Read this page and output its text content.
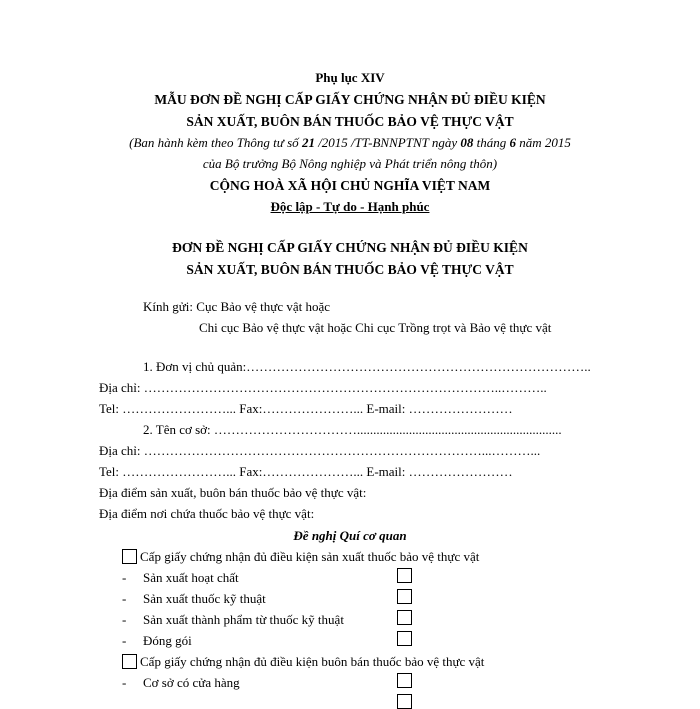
Phụ lục XIV
MẪU ĐƠN ĐỀ NGHỊ CẤP GIẤY CHỨNG NHẬN ĐỦ ĐIỀU KIỆN
SẢN XUẤT, BUÔN BÁN THUỐC BẢO VỆ THỰC VẬT
(Ban hành kèm theo Thông tư số 21 /2015 /TT-BNNPTNT ngày 08 tháng 6 năm 2015
của Bộ trưởng Bộ Nông nghiệp và Phát triển nông thôn)
CỘNG HOÀ XÃ HỘI CHỦ NGHĨA VIỆT NAM
Độc lập - Tự do - Hạnh phúc
ĐƠN ĐỀ NGHỊ CẤP GIẤY CHỨNG NHẬN ĐỦ ĐIỀU KIỆN
SẢN XUẤT, BUÔN BÁN THUỐC BẢO VỆ THỰC VẬT
Kính gửi: Cục Bảo vệ thực vật hoặc
Chi cục Bảo vệ thực vật hoặc Chi cục Trồng trọt và Bảo vệ thực vật
1. Đơn vị chủ quản:……………………………………………………………………..
Địa chỉ: ………………………………………………………………………..………..
Tel: ……………………... Fax:…………………... E-mail: ……………………
2. Tên cơ sở: ……………………………...............................................................
Địa chỉ: ……………………………………………………………………...………...
Tel: ……………………... Fax:…………………... E-mail: ……………………
Địa điểm sản xuất, buôn bán thuốc bảo vệ thực vật:
Địa điểm nơi chứa thuốc bảo vệ thực vật:
Đề nghị Quí cơ quan
Cấp giấy chứng nhận đủ điều kiện sản xuất thuốc bảo vệ thực vật
- Sản xuất hoạt chất
- Sản xuất thuốc kỹ thuật
- Sản xuất thành phẩm từ thuốc kỹ thuật
- Đóng gói
Cấp giấy chứng nhận đủ điều kiện buôn bán thuốc bảo vệ thực vật
- Cơ sở có cửa hàng
